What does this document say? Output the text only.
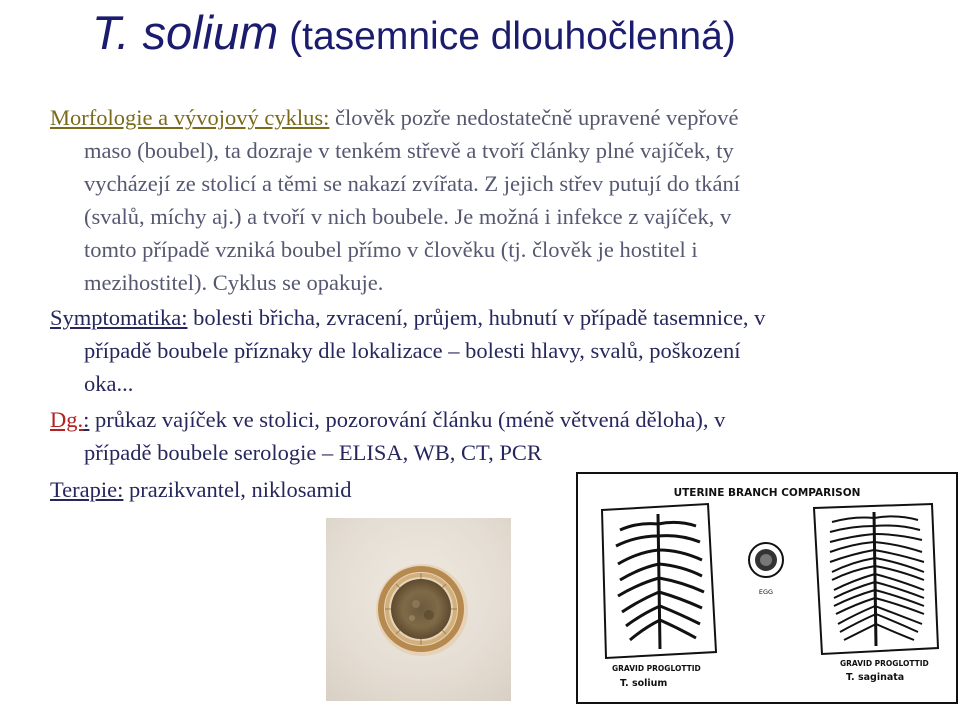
T. solium (tasemnice dlouhočlenná)
Morfologie a vývojový cyklus: člověk pozře nedostatečně upravené vepřové
maso (boubel), ta dozraje v tenkém střevě a tvoří články plné vajíček, ty
vycházejí ze stolicí a těmi se nakazí zvířata. Z jejich střev putují do tkání
(svalů, míchy aj.) a tvoří v nich boubele. Je možná i infekce z vajíček, v
tomto případě vzniká boubel přímo v člověku (tj. člověk je hostitel i
mezihostitel). Cyklus se opakuje.
Symptomatika: bolesti břicha, zvracení, průjem, hubnutí v případě tasemnice, v
případě boubele příznaky dle lokalizace – bolesti hlavy, svalů, poškození
oka...
Dg.: průkaz vajíček ve stolici, pozorování článku (méně větvená děloha), v
případě boubele serologie – ELISA, WB, CT, PCR
Terapie: prazikvantel, niklosamid	UTERINE BRANCH COMPARISON
EGG
GRAVID PROGLOTTID
T. solium
GRAVID PROGLOTTID
T. saginata
